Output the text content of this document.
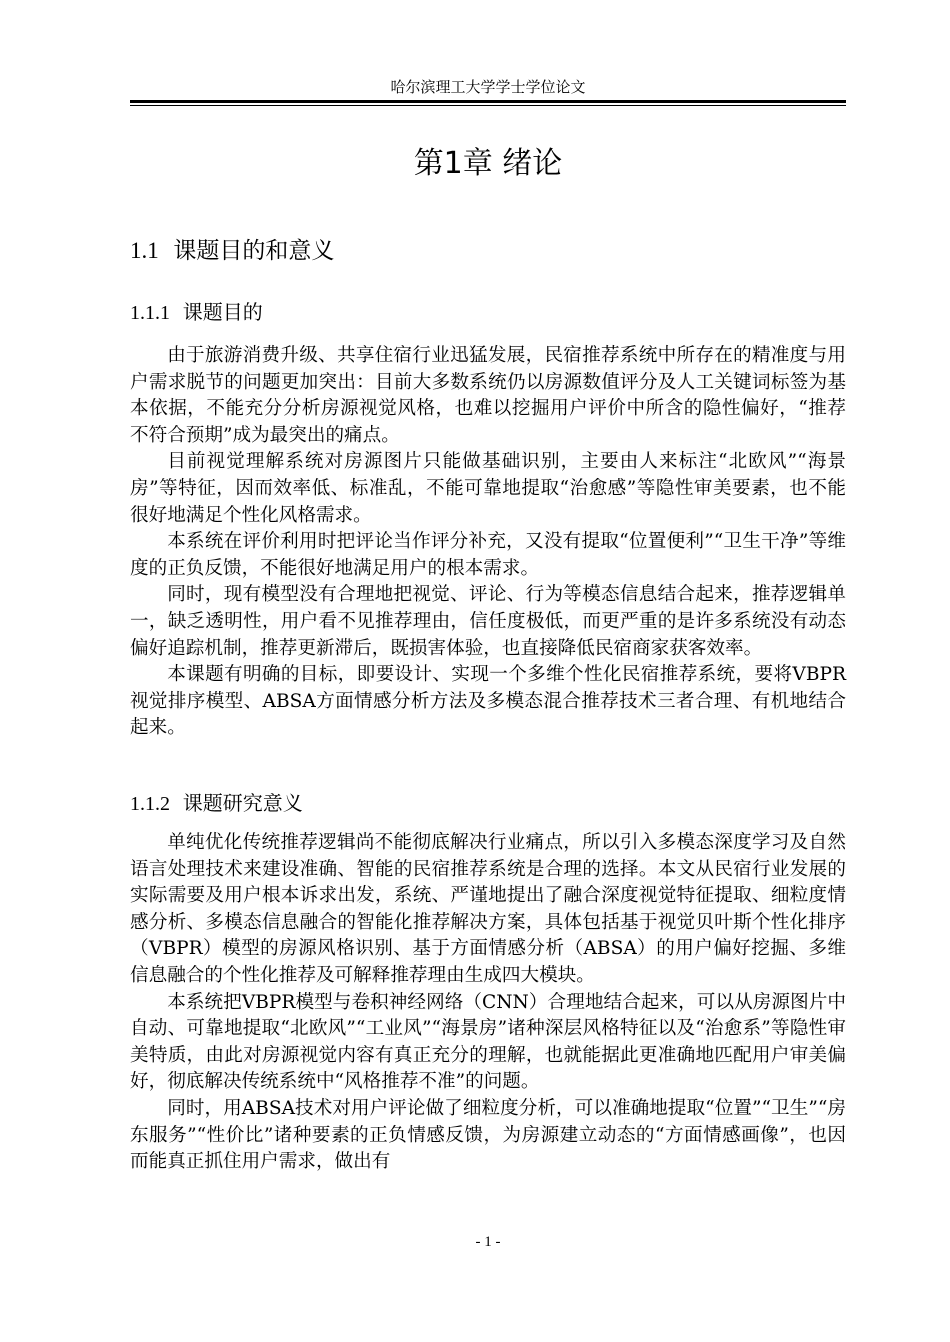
哈尔滨理工大学学士学位论文
第1章 绪论
1.1 课题目的和意义
1.1.1 课题目的

由于旅游消费升级、共享住宿行业迅猛发展，民宿推荐系统中所存在的精准度与用户需求脱节的问题更加突出：目前大多数系统仍以房源数值评分及人工关键词标签为基本依据，不能充分分析房源视觉风格，也难以挖掘用户评价中所含的隐性偏好，“推荐不符合预期”成为最突出的痛点。

目前视觉理解系统对房源图片只能做基础识别，主要由人来标注“北欧风”“海景房”等特征，因而效率低、标准乱，不能可靠地提取“治愈感”等隐性审美要素，也不能很好地满足个性化风格需求。

本系统在评价利用时把评论当作评分补充，又没有提取“位置便利”“卫生干净”等维度的正负反馈，不能很好地满足用户的根本需求。

同时，现有模型没有合理地把视觉、评论、行为等模态信息结合起来，推荐逻辑单一，缺乏透明性，用户看不见推荐理由，信任度极低，而更严重的是许多系统没有动态偏好追踪机制，推荐更新滞后，既损害体验，也直接降低民宿商家获客效率。

本课题有明确的目标，即要设计、实现一个多维个性化民宿推荐系统，要将VBPR视觉排序模型、ABSA方面情感分析方法及多模态混合推荐技术三者合理、有机地结合起来。

1.1.2 课题研究意义

单纯优化传统推荐逻辑尚不能彻底解决行业痛点，所以引入多模态深度学习及自然语言处理技术来建设准确、智能的民宿推荐系统是合理的选择。本文从民宿行业发展的实际需要及用户根本诉求出发，系统、严谨地提出了融合深度视觉特征提取、细粒度情感分析、多模态信息融合的智能化推荐解决方案，具体包括基于视觉贝叶斯个性化排序（VBPR）模型的房源风格识别、基于方面情感分析（ABSA）的用户偏好挖掘、多维信息融合的个性化推荐及可解释推荐理由生成四大模块。

本系统把VBPR模型与卷积神经网络（CNN）合理地结合起来，可以从房源图片中自动、可靠地提取“北欧风”“工业风”“海景房”诸种深层风格特征以及“治愈系”等隐性审美特质，由此对房源视觉内容有真正充分的理解，也就能据此更准确地匹配用户审美偏好，彻底解决传统系统中“风格推荐不准”的问题。

同时，用ABSA技术对用户评论做了细粒度分析，可以准确地提取“位置”“卫生”“房东服务”“性价比”诸种要素的正负情感反馈，为房源建立动态的“方面情感画像”，也因而能真正抓住用户需求，做出有

- 1 -
